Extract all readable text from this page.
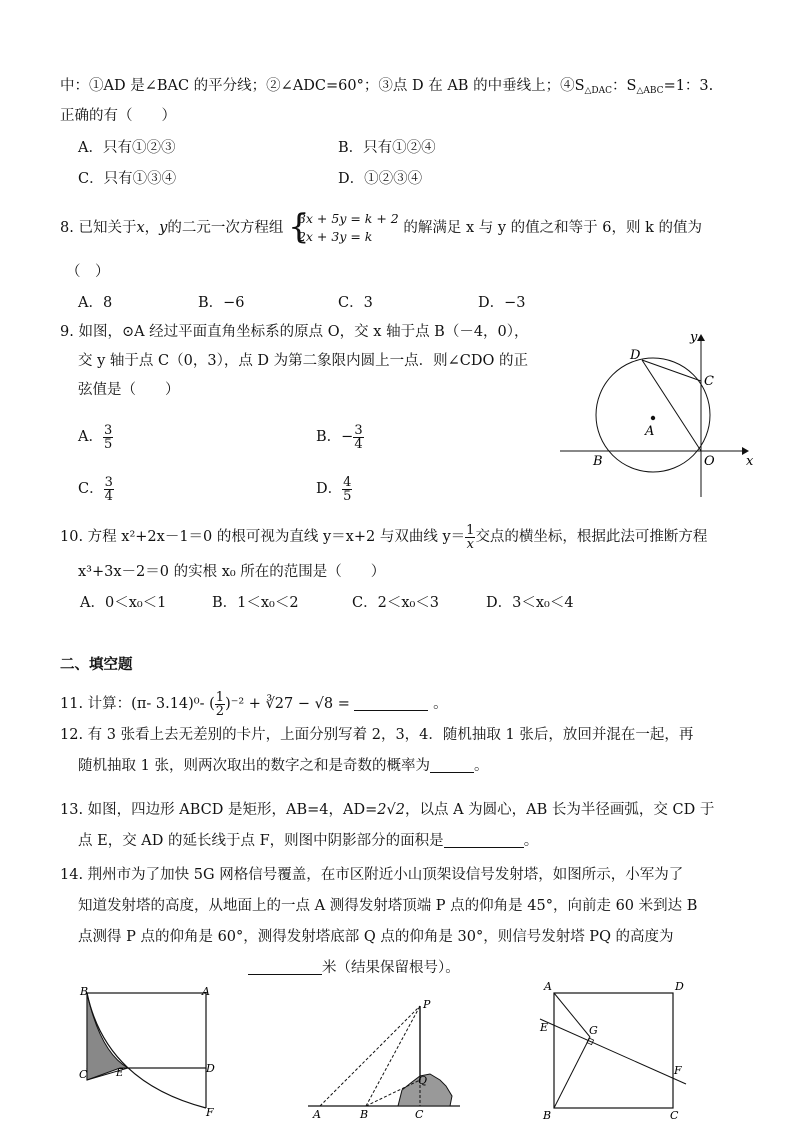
中：①AD 是∠BAC 的平分线；②∠ADC=60°；③点 D 在 AB 的中垂线上；$④S_{\triangle DAC}$：$S_{\triangle ABC}=1$：3.
正确的有（　　）
A．只有①②③	B．只有①②④
C．只有①③④	D．①②③④
8. 已知关于x，y的二元一次方程组 {
3x + 5y = k + 2
2x + 3y = k
的解满足 x 与 y 的值之和等于 6，则 k 的值为
（　）
A．8	B．−6	C．3	D．−3
9. 如图，⊙A 经过平面直角坐标系的原点 O，交 x 轴于点 B（－4，0），
交 y 轴于点 C（0，3），点 D 为第二象限内圆上一点．则∠CDO 的正
弦值是（　　）
A． $\frac{3}{5}$	B．− $\frac{3}{4}$
C． $\frac{3}{4}$	D． $\frac{4}{5}$
y
x
D
C
A
B	O
10. 方程 x²+2x－1＝0 的根可视为直线 y＝x+2 与双曲线 $y= \frac{1}{x}$ 交点的横坐标，根据此法可推断方程
x³+3x－2＝0 的实根 x₀ 所在的范围是（　　）
A．0＜x₀＜1	B．1＜x₀＜2	C．2＜x₀＜3	D．3＜x₀＜4
二、填空题
11. 计算：(π- 3.14)⁰- ( $\frac{1}{2} )^{-2}$ + ∛27 − √8 =	。
12. 有 3 张看上去无差别的卡片，上面分别写着 2，3，4．随机抽取 1 张后，放回并混在一起，再
随机抽取 1 张，则两次取出的数字之和是奇数的概率为	。
13. 如图，四边形 ABCD 是矩形，AB=4，AD=2√2，以点 A 为圆心，AB 长为半径画弧，交 CD 于
点 E，交 AD 的延长线于点 F，则图中阴影部分的面积是	。
14. 荆州市为了加快 5G 网格信号覆盖，在市区附近小山顶架设信号发射塔，如图所示，小军为了
知道发射塔的高度，从地面上的一点 A 测得发射塔顶端 P 点的仰角是 45°，向前走 60 米到达 B
点测得 P 点的仰角是 60°，测得发射塔底部 Q 点的仰角是 30°，则信号发射塔 PQ 的高度为
米（结果保留根号）。
B	A
C	E	D
F
P
Q
A	B	C
A	D
E	G
F
B	C
